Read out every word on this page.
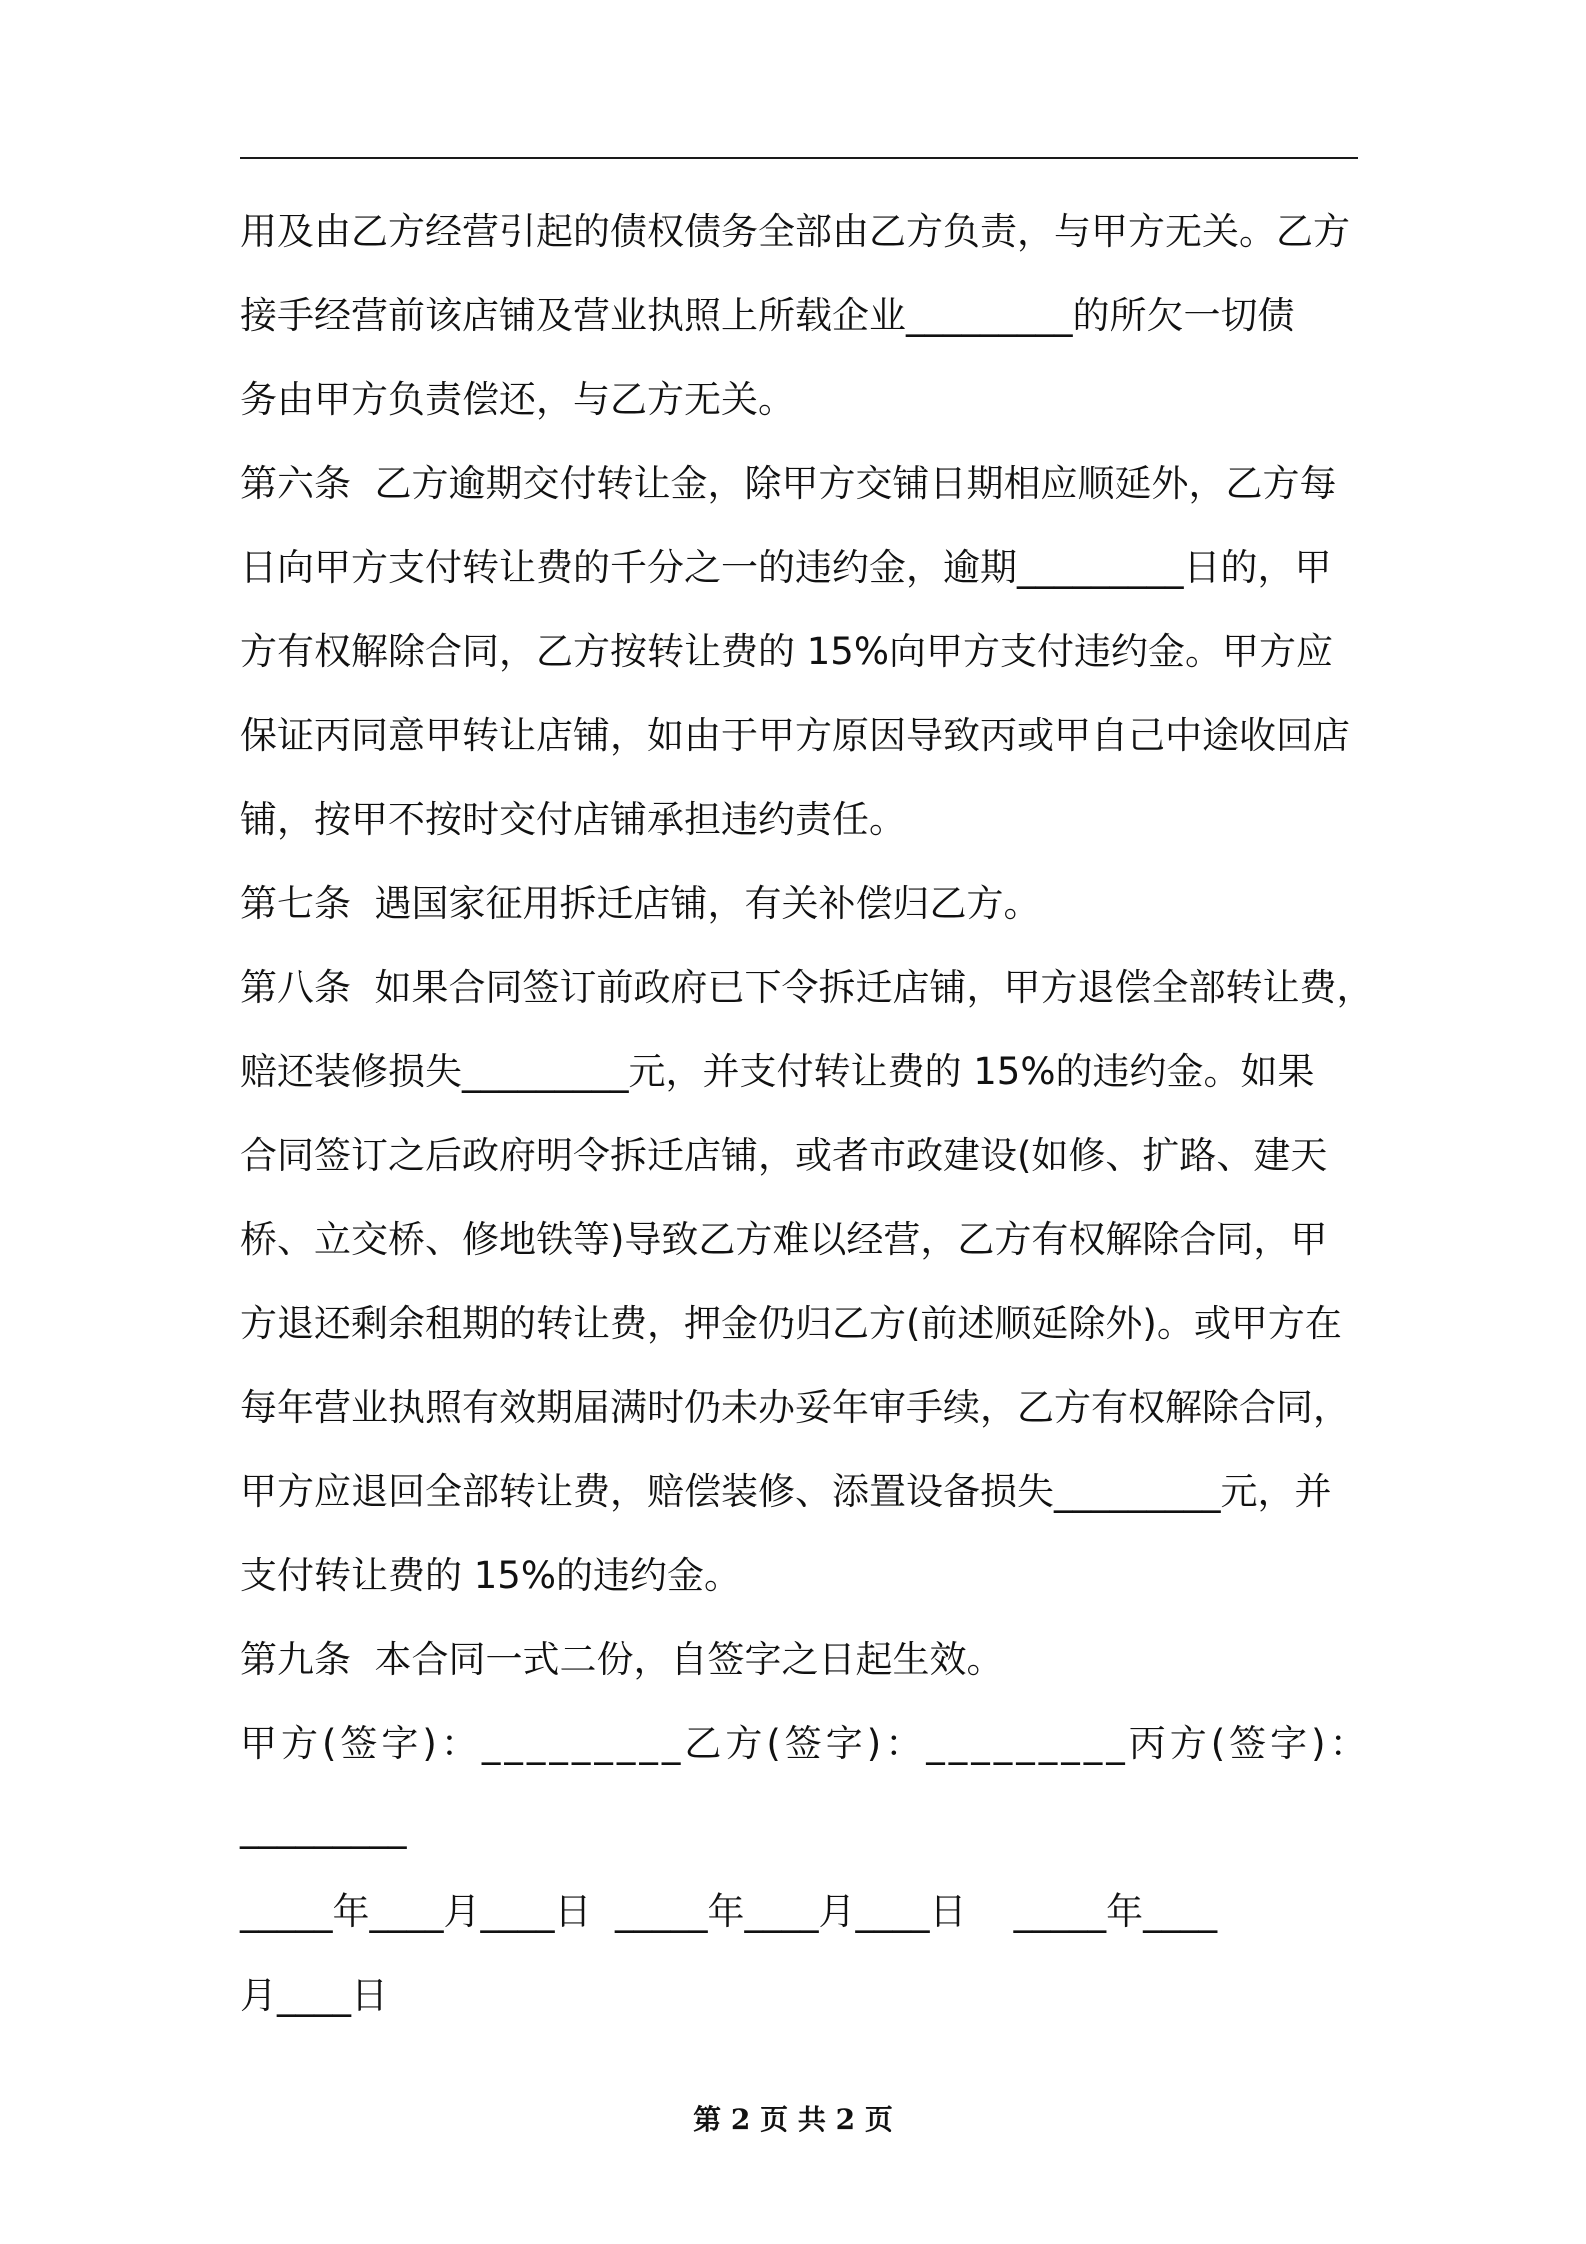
用及由乙方经营引起的债权债务全部由乙方负责，与甲方无关。乙方
接手经营前该店铺及营业执照上所载企业_________的所欠一切债
务由甲方负责偿还，与乙方无关。
第六条  乙方逾期交付转让金，除甲方交铺日期相应顺延外，乙方每
日向甲方支付转让费的千分之一的违约金，逾期_________日的，甲
方有权解除合同，乙方按转让费的 15%向甲方支付违约金。甲方应
保证丙同意甲转让店铺，如由于甲方原因导致丙或甲自己中途收回店
铺，按甲不按时交付店铺承担违约责任。
第七条  遇国家征用拆迁店铺，有关补偿归乙方。
第八条  如果合同签订前政府已下令拆迁店铺，甲方退偿全部转让费，
赔还装修损失_________元，并支付转让费的 15%的违约金。如果
合同签订之后政府明令拆迁店铺，或者市政建设(如修、扩路、建天
桥、立交桥、修地铁等)导致乙方难以经营，乙方有权解除合同，甲
方退还剩余租期的转让费，押金仍归乙方(前述顺延除外)。或甲方在
每年营业执照有效期届满时仍未办妥年审手续，乙方有权解除合同，
甲方应退回全部转让费，赔偿装修、添置设备损失_________元，并
支付转让费的 15%的违约金。
第九条  本合同一式二份，自签字之日起生效。
甲方(签字)：_________乙方(签字)：_________丙方(签字)：
_________
_____年____月____日  _____年____月____日    _____年____
月____日
第 2 页 共 2 页
